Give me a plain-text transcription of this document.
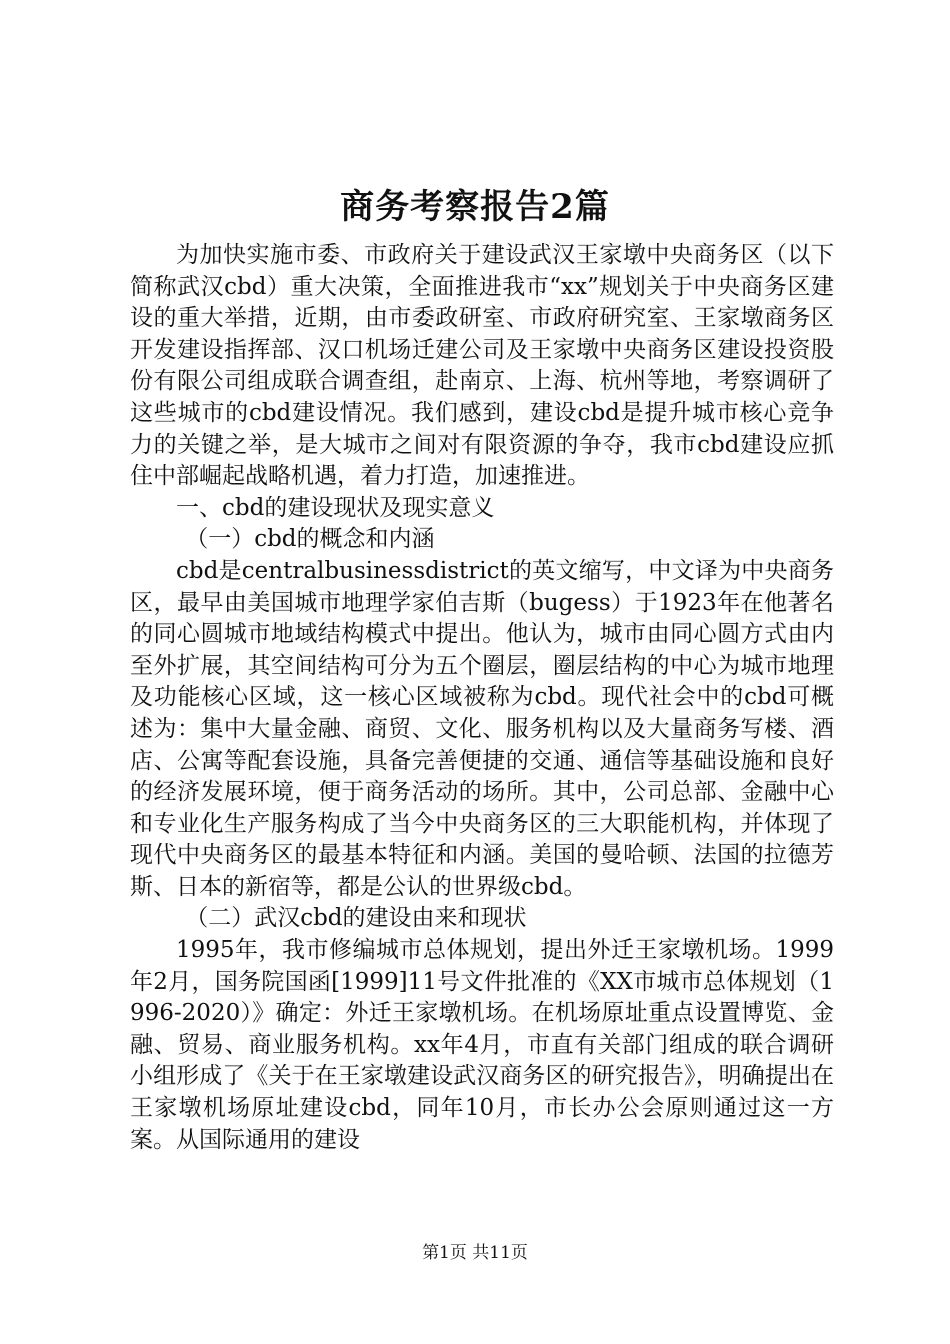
商务考察报告2篇

为加快实施市委、市政府关于建设武汉王家墩中央商务区（以下简称武汉cbd）重大决策，全面推进我市“xx”规划关于中央商务区建设的重大举措，近期，由市委政研室、市政府研究室、王家墩商务区开发建设指挥部、汉口机场迁建公司及王家墩中央商务区建设投资股份有限公司组成联合调查组，赴南京、上海、杭州等地，考察调研了这些城市的cbd建设情况。我们感到，建设cbd是提升城市核心竞争力的关键之举，是大城市之间对有限资源的争夺，我市cbd建设应抓住中部崛起战略机遇，着力打造，加速推进。

一、cbd的建设现状及现实意义

（一）cbd的概念和内涵

cbd是centralbusinessdistrict的英文缩写，中文译为中央商务区，最早由美国城市地理学家伯吉斯（bugess）于1923年在他著名的同心圆城市地域结构模式中提出。他认为，城市由同心圆方式由内至外扩展，其空间结构可分为五个圈层，圈层结构的中心为城市地理及功能核心区域，这一核心区域被称为cbd。现代社会中的cbd可概述为：集中大量金融、商贸、文化、服务机构以及大量商务写楼、酒店、公寓等配套设施，具备完善便捷的交通、通信等基础设施和良好的经济发展环境，便于商务活动的场所。其中，公司总部、金融中心和专业化生产服务构成了当今中央商务区的三大职能机构，并体现了现代中央商务区的最基本特征和内涵。美国的曼哈顿、法国的拉德芳斯、日本的新宿等，都是公认的世界级cbd。

（二）武汉cbd的建设由来和现状

1995年，我市修编城市总体规划，提出外迁王家墩机场。1999年2月，国务院国函[1999]11号文件批准的《XX市城市总体规划（1996-2020）》确定：外迁王家墩机场。在机场原址重点设置博览、金融、贸易、商业服务机构。xx年4月，市直有关部门组成的联合调研小组形成了《关于在王家墩建设武汉商务区的研究报告》，明确提出在王家墩机场原址建设cbd，同年10月，市长办公会原则通过这一方案。从国际通用的建设

第1页 共11页
